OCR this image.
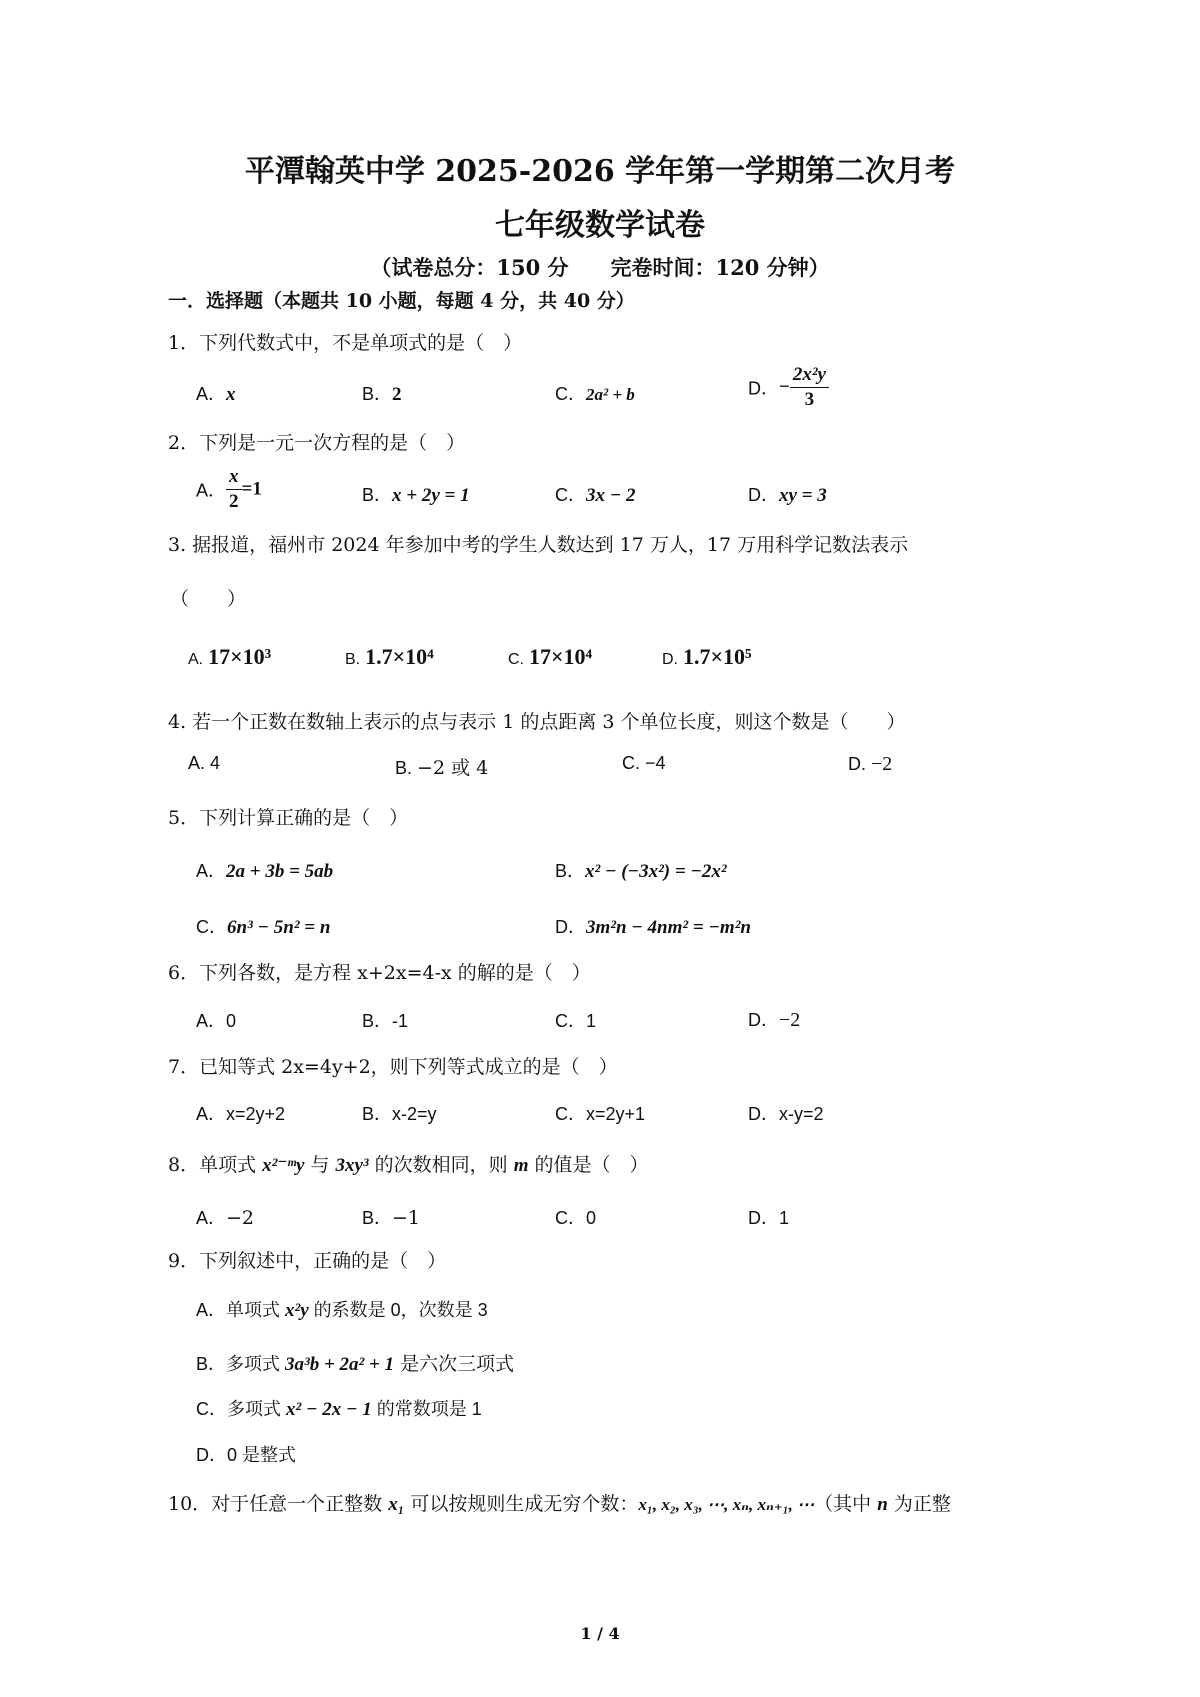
平潭翰英中学 2025-2026 学年第一学期第二次月考
七年级数学试卷
（试卷总分：150 分　　完卷时间：120 分钟）
一．选择题（本题共 10 小题，每题 4 分，共 40 分）
1．下列代数式中，不是单项式的是（　）
A．x	B．2	C．2a² + b	D．− $\frac{\text{2x²y}}{3}$
2．下列是一元一次方程的是（　）
A． $\frac{x}{2} =1$	B．x + 2y = 1	C．3x − 2	D．xy = 3
3. 据报道，福州市 2024 年参加中考的学生人数达到 17 万人，17 万用科学记数法表示
（　　）
A. 17×10³	B. 1.7×10⁴	C. 17×10⁴	D. 1.7×10⁵
4. 若一个正数在数轴上表示的点与表示 1 的点距离 3 个单位长度，则这个数是（　　）
A. 4	B. −2 或 4	C. −4	D. −2
5．下列计算正确的是（　）
A．2a + 3b = 5ab	B．x² − (−3x²) = −2x²
C．6n³ − 5n² = n	D．3m²n − 4nm² = −m²n
6．下列各数，是方程 x+2x=4-x 的解的是（　）
A．0	B．-1	C．1	D．−2
7．已知等式 2x=4y+2，则下列等式成立的是（　）
A．x=2y+2	B．x-2=y	C．x=2y+1	D．x-y=2
8．单项式 x²⁻ᵐy 与 3xy³ 的次数相同，则 m 的值是（　）
A．−2	B．−1	C．0	D．1
9．下列叙述中，正确的是（　）
A．单项式 x²y 的系数是 0，次数是 3
B．多项式 3a³b + 2a² + 1 是六次三项式
C．多项式 x² − 2x − 1 的常数项是 1
D．0 是整式
10．对于任意一个正整数 x₁ 可以按规则生成无穷个数：x₁, x₂, x₃, ⋯, xₙ, xₙ₊₁, ⋯（其中 n 为正整
1 / 4
